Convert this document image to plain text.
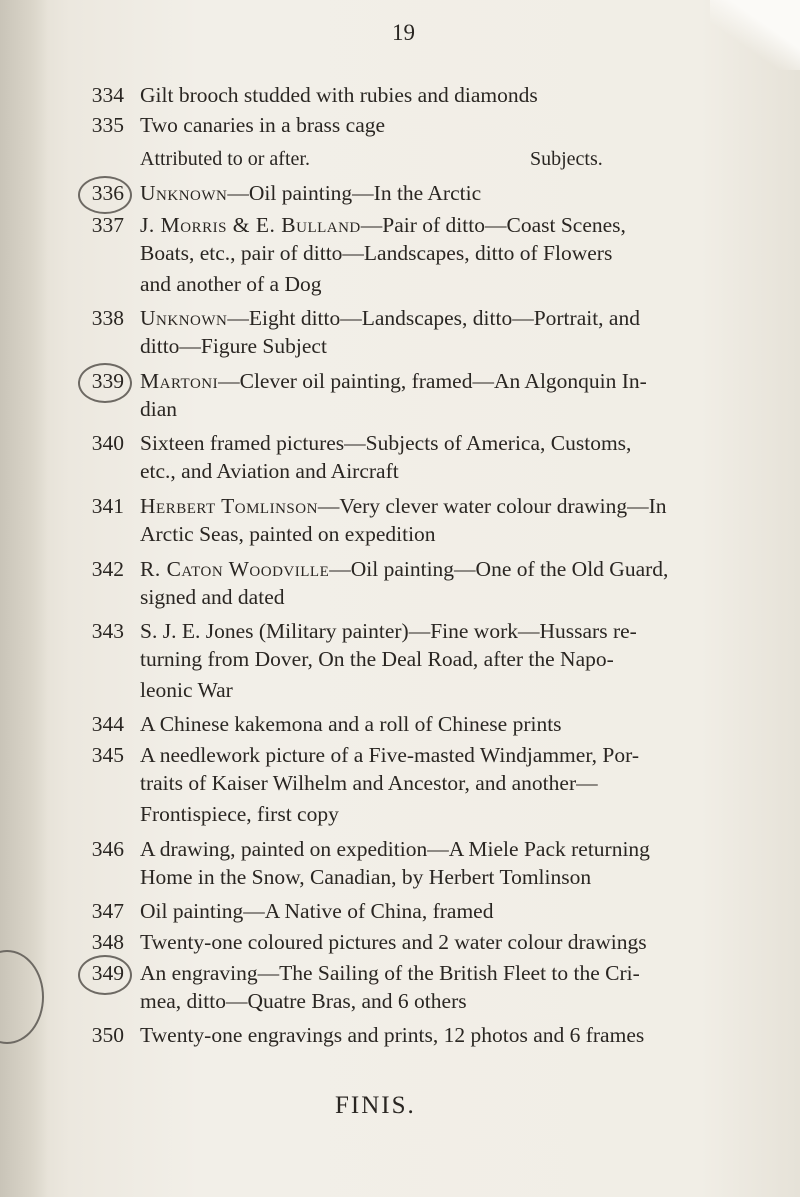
19
334 Gilt brooch studded with rubies and diamonds
335 Two canaries in a brass cage
Attributed to or after.	Subjects.
336 Unknown—Oil painting—In the Arctic
337 J. Morris & E. Bulland—Pair of ditto—Coast Scenes,
Boats, etc., pair of ditto—Landscapes, ditto of Flowers
and another of a Dog
338 Unknown—Eight ditto—Landscapes, ditto—Portrait, and
ditto—Figure Subject
339 Martoni—Clever oil painting, framed—An Algonquin In-
dian
340 Sixteen framed pictures—Subjects of America, Customs,
etc., and Aviation and Aircraft
341 Herbert Tomlinson—Very clever water colour drawing—In
Arctic Seas, painted on expedition
342 R. Caton Woodville—Oil painting—One of the Old Guard,
signed and dated
343 S. J. E. Jones (Military painter)—Fine work—Hussars re-
turning from Dover, On the Deal Road, after the Napo-
leonic War
344 A Chinese kakemona and a roll of Chinese prints
345 A needlework picture of a Five-masted Windjammer, Por-
traits of Kaiser Wilhelm and Ancestor, and another—
Frontispiece, first copy
346 A drawing, painted on expedition—A Miele Pack returning
Home in the Snow, Canadian, by Herbert Tomlinson
347 Oil painting—A Native of China, framed
348 Twenty-one coloured pictures and 2 water colour drawings
349 An engraving—The Sailing of the British Fleet to the Cri-
mea, ditto—Quatre Bras, and 6 others
350 Twenty-one engravings and prints, 12 photos and 6 frames
FINIS.
